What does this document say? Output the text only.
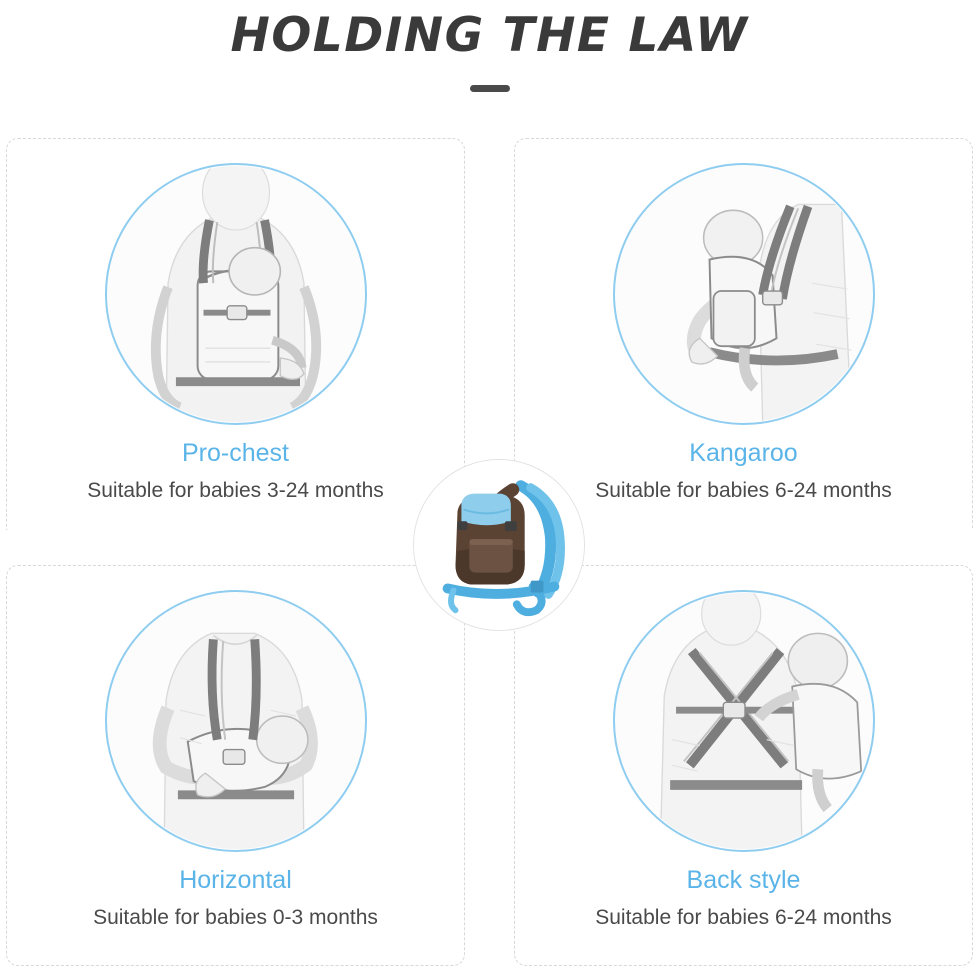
HOLDING THE LAW
Pro-chest
Suitable for babies 3-24 months
Kangaroo
Suitable for babies 6-24 months
Horizontal
Suitable for babies 0-3 months
Back style
Suitable for babies 6-24 months
